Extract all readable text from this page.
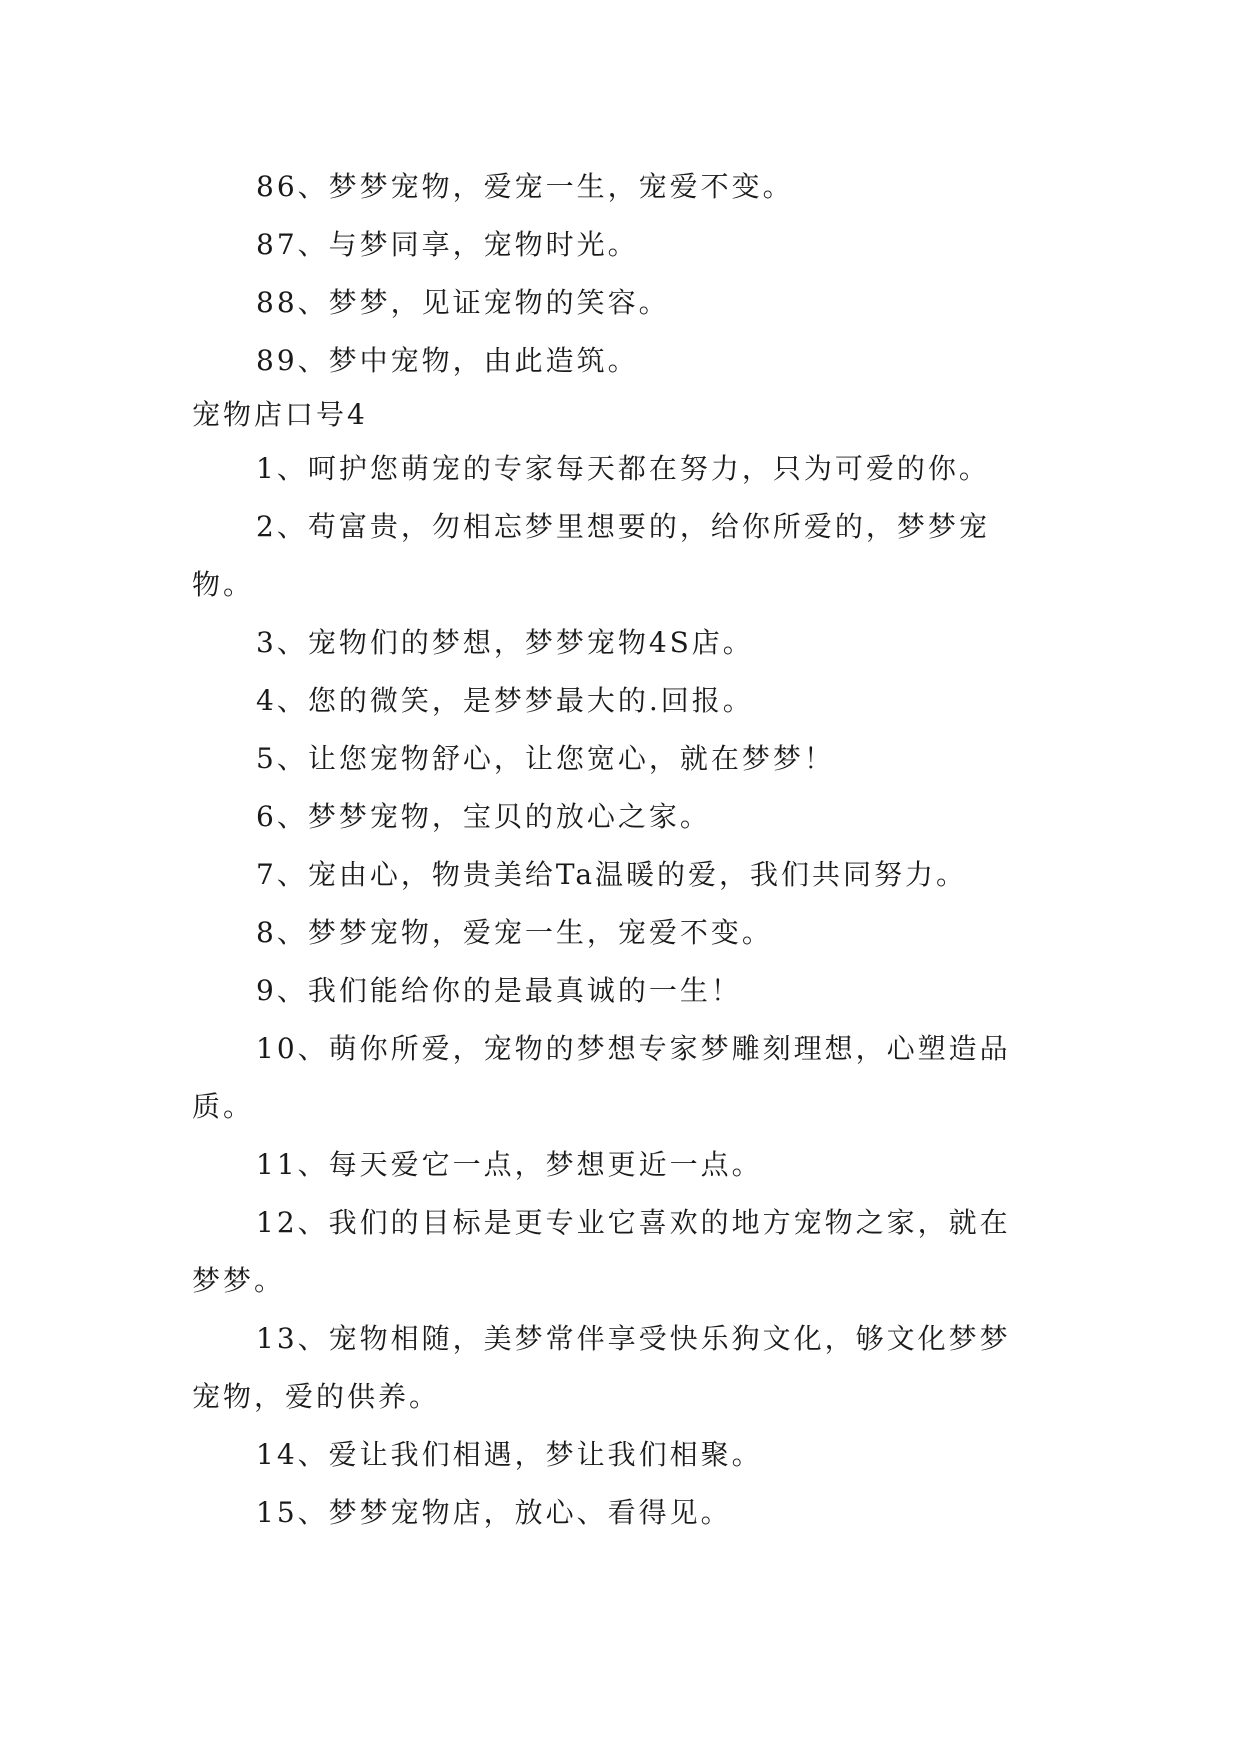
86、梦梦宠物，爱宠一生，宠爱不变。
87、与梦同享，宠物时光。
88、梦梦，见证宠物的笑容。
89、梦中宠物，由此造筑。
宠物店口号4
1、呵护您萌宠的专家每天都在努力，只为可爱的你。
2、苟富贵，勿相忘梦里想要的，给你所爱的，梦梦宠
物。
3、宠物们的梦想，梦梦宠物4S店。
4、您的微笑，是梦梦最大的.回报。
5、让您宠物舒心，让您宽心，就在梦梦！
6、梦梦宠物，宝贝的放心之家。
7、宠由心，物贵美给Ta温暖的爱，我们共同努力。
8、梦梦宠物，爱宠一生，宠爱不变。
9、我们能给你的是最真诚的一生！
10、萌你所爱，宠物的梦想专家梦雕刻理想，心塑造品
质。
11、每天爱它一点，梦想更近一点。
12、我们的目标是更专业它喜欢的地方宠物之家，就在
梦梦。
13、宠物相随，美梦常伴享受快乐狗文化，够文化梦梦
宠物，爱的供养。
14、爱让我们相遇，梦让我们相聚。
15、梦梦宠物店，放心、看得见。
